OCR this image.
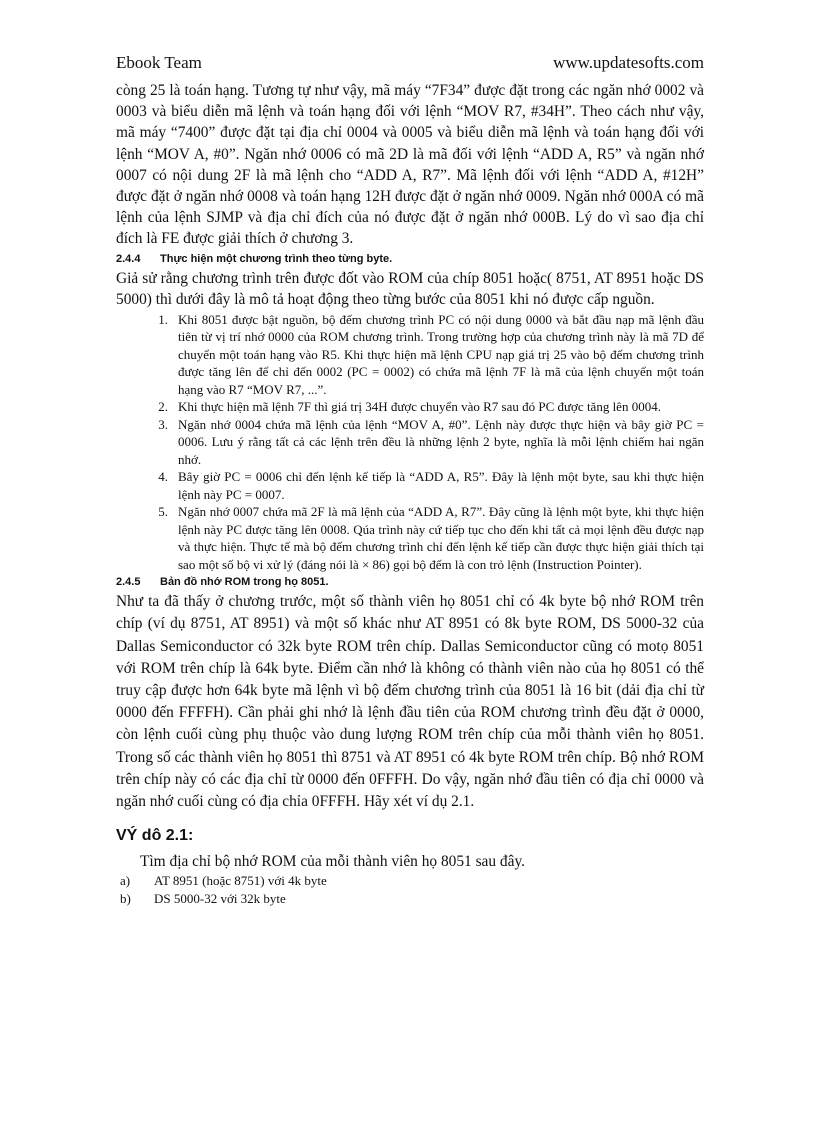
Ebook Team	www.updatesofts.com

còng 25 là toán hạng. Tương tự như vậy, mã máy “7F34” được đặt trong các ngăn nhớ 0002 và 0003 và biểu diễn mã lệnh và toán hạng đối với lệnh “MOV R7, #34H”. Theo cách như vậy, mã máy “7400” được đặt tại địa chỉ 0004 và 0005 và biểu diễn mã lệnh và toán hạng đối với lệnh “MOV A, #0”. Ngăn nhớ 0006 có mã 2D là mã đối với lệnh “ADD A, R5” và ngăn nhớ 0007 có nội dung 2F là mã lệnh cho “ADD A, R7”. Mã lệnh đối với lệnh “ADD A, #12H” được đặt ở ngăn nhớ 0008 và toán hạng 12H được đặt ở ngăn nhớ 0009. Ngăn nhớ 000A có mã lệnh của lệnh SJMP và địa chỉ đích của nó được đặt ở ngăn nhớ 000B. Lý do vì sao địa chỉ đích là FE được giải thích ở chương 3.

2.4.4 Thực hiện một chương trình theo từng byte.

Giả sử rằng chương trình trên được đốt vào ROM của chíp 8051 hoặc( 8751, AT 8951 hoặc DS 5000) thì dưới đây là mô tả hoạt động theo từng bước của 8051 khi nó được cấp nguồn.

1. Khi 8051 được bật nguồn, bộ đếm chương trình PC có nội dung 0000 và bắt đầu nạp mã lệnh đầu tiên từ vị trí nhớ 0000 của ROM chương trình. Trong trường hợp của chương trình này là mã 7D để chuyển một toán hạng vào R5. Khi thực hiện mã lệnh CPU nạp giá trị 25 vào bộ đếm chương trình được tăng lên để chỉ đến 0002 (PC = 0002) có chứa mã lệnh 7F là mã của lệnh chuyển một toán hạng vào R7 “MOV R7, ...”.
2. Khi thực hiện mã lệnh 7F thì giá trị 34H được chuyển vào R7 sau đó PC được tăng lên 0004.
3. Ngăn nhớ 0004 chứa mã lệnh của lệnh “MOV A, #0”. Lệnh này được thực hiện và bây giờ PC = 0006. Lưu ý rằng tất cả các lệnh trên đều là những lệnh 2 byte, nghĩa là mỗi lệnh chiếm hai ngăn nhớ.
4. Bây giờ PC = 0006 chỉ đến lệnh kế tiếp là “ADD A, R5”. Đây là lệnh một byte, sau khi thực hiện lệnh này PC = 0007.
5. Ngăn nhớ 0007 chứa mã 2F là mã lệnh của “ADD A, R7”. Đây cũng là lệnh một byte, khi thực hiện lệnh này PC được tăng lên 0008. Qúa trình này cứ tiếp tục cho đến khi tất cả mọi lệnh đều được nạp và thực hiện. Thực tế mà bộ đếm chương trình chỉ đến lệnh kế tiếp cần được thực hiện giải thích tại sao một số bộ vi xử lý (đáng nói là × 86) gọi bộ đếm là con trỏ lệnh (Instruction Pointer).

2.4.5 Bản đồ nhớ ROM trong họ 8051.

Như ta đã thấy ở chương trước, một số thành viên họ 8051 chỉ có 4k byte bộ nhớ ROM trên chíp (ví dụ 8751, AT 8951) và một số khác như AT 8951 có 8k byte ROM, DS 5000-32 của Dallas Semiconductor có 32k byte ROM trên chíp. Dallas Semiconductor cũng có motọ 8051 với ROM trên chíp là 64k byte. Điểm cần nhớ là không có thành viên nào của họ 8051 có thể truy cập được hơn 64k byte mã lệnh vì bộ đếm chương trình của 8051 là 16 bit (dải địa chỉ từ 0000 đến FFFFH). Cần phải ghi nhớ là lệnh đầu tiên của ROM chương trình đều đặt ở 0000, còn lệnh cuối cùng phụ thuộc vào dung lượng ROM trên chíp của mỗi thành viên họ 8051. Trong số các thành viên họ 8051 thì 8751 và AT 8951 có 4k byte ROM trên chíp. Bộ nhớ ROM trên chíp này có các địa chỉ từ 0000 đến 0FFFH. Do vậy, ngăn nhớ đầu tiên có địa chỉ 0000 và ngăn nhớ cuối cùng có địa chỉa 0FFFH. Hãy xét ví dụ 2.1.

VÝ dô 2.1:

Tìm địa chỉ bộ nhớ ROM của mỗi thành viên họ 8051 sau đây.

a)	AT 8951 (hoặc 8751) với 4k byte
b)	DS 5000-32 với 32k byte
